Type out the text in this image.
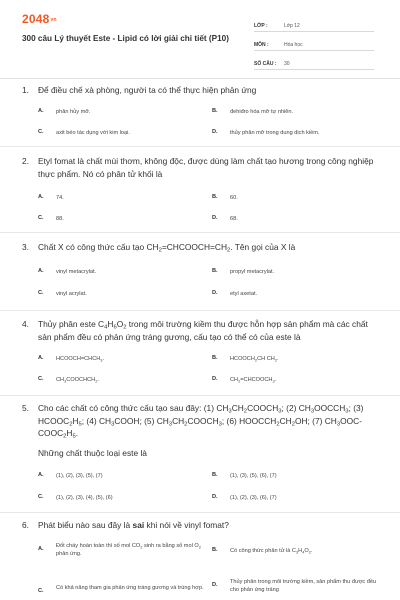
2048vn
300 câu Lý thuyết Este - Lipid có lời giải chi tiết (P10)
LỚP :	Lớp 12
MÔN :	Hóa học
SỐ CÂU :	30
1. Để điều chế xà phòng, người ta có thể thực hiện phản ứng
A.	phân hủy mỡ.	B.	đehiđro hóa mỡ tự nhiên.
C.	axit béo tác dụng với kim loại.	D.	thủy phân mỡ trong dung dịch kiềm.
2. Etyl fomat là chất mùi thơm, không độc, được dùng làm chất tạo hương trong công nghiệp thực phẩm. Nó có phân tử khối là
A.	74.	B.	60.
C.	88.	D.	68.
3. Chất X có công thức cấu tạo $CH_2=CHCOOCH=CH_2$. Tên gọi của X là
A.	vinyl metacrylat.	B.	propyl metacrylat.
C.	vinyl acrylat.	D.	etyl axetat.
4. Thủy phân este $C_4H_6O_2$ trong môi trường kiềm thu được hỗn hợp sản phẩm mà các chất sản phẩm đều có phản ứng tráng gương, cấu tạo có thể có của este là
A.	$HCOOCH=CHCH_3$.	B.	$HCOOCH_2CH$ $CH_2$.
C.	$CH_3COOCHCH_2$.	D.	$CH_2=CHCOOCH_3$.
5. Cho các chất có công thức cấu tạo sau đây: (1) $CH_3CH_2COOCH_3$; (2) $CH_3OOCCH_3$; (3) $HCOOC_2H_5$; (4) $CH_3COOH$; (5) $CH_3CH_2COOCH_3$; (6) $HOOCCH_2CH_2OH$; (7) $CH_3OOC-COOC_2H_5$.
Những chất thuộc loại este là
A.	(1), (2), (3), (5), (7)	B.	(1), (3), (5), (6), (7)
C.	(1), (2), (3), (4), (5), (6)	D.	(1), (2), (3), (6), (7)
6. Phát biểu nào sau đây là sai khi nói về vinyl fomat?
A.	Đốt cháy hoàn toàn thì số mol $CO_2$ sinh ra bằng số mol $O_2$ phản ứng.
B.	Có công thức phân tử là $C_3H_4O_2$.
C.	Có khả năng tham gia phản ứng tráng gương và trùng hợp.	D.	Thủy phân trong môi trường kiềm, sản phẩm thu được đều cho phản ứng tráng
